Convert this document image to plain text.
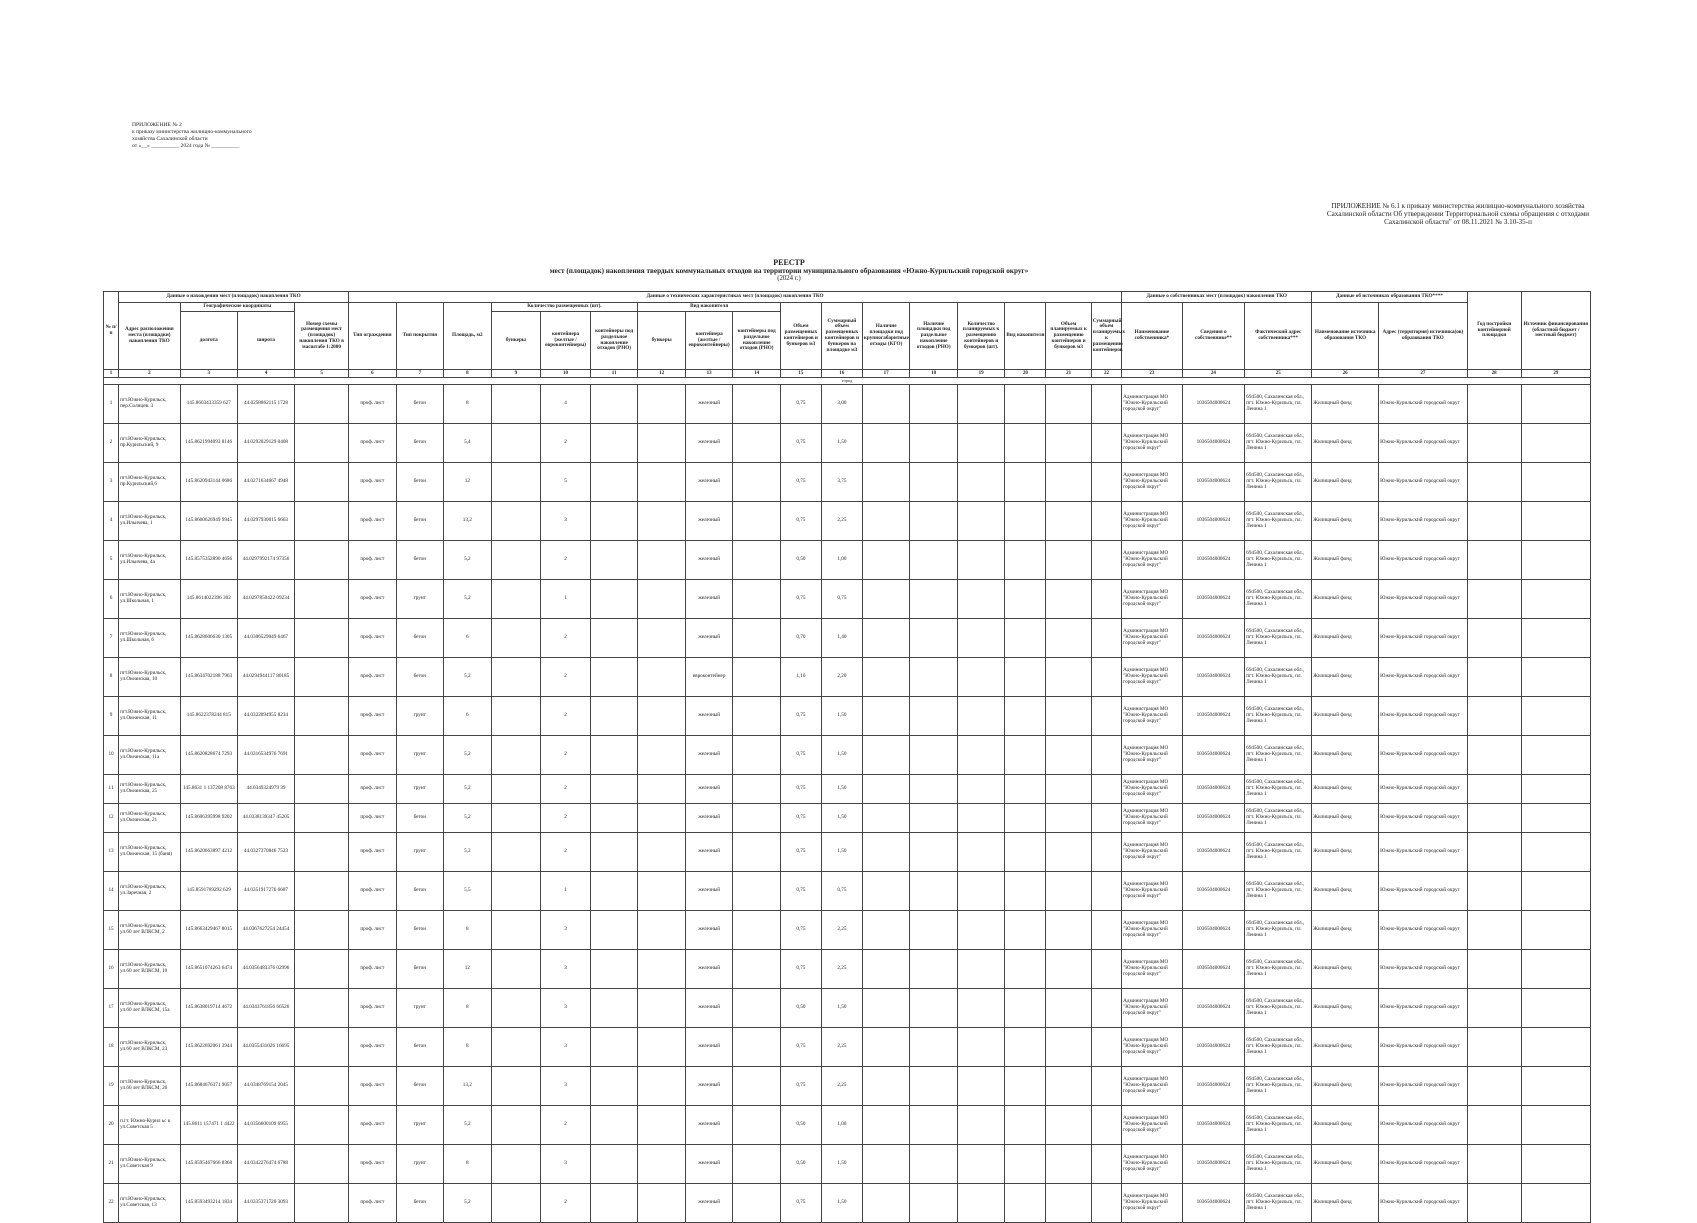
ПРИЛОЖЕНИЕ № 2
к приказу министерства жилищно-коммунального
хозяйства Сахалинской области
от «__» __________ 2024 года № __________
ПРИЛОЖЕНИЕ № 6.1 к приказу министерства жилищно-коммунального хозяйства Сахалинской области Об утверждении Территориальной схемы обращения с отходами Сахалинской области" от 08.11.2021 № 3.10-35-п
РЕЕСТР
мест (площадок) накопления твердых коммунальных отходов на территории муниципального образования «Южно-Курильский городской округ»
(2024 г.)
№ п/п	Данные о нахождении мест (площадок) накопления ТКО				Данные о технических характеристиках мест (площадок) накопления ТКО																	Данные о собственниках мест (площадок) накопления ТКО			Данные об источниках образования ТКО****		Год постройки контейнерной площадки	Источник финансирования (областной бюджет / местный бюджет)
	Адрес расположения места (площадки) накопления ТКО	Географические координаты		Номер схемы размещения мест (площадок) накопления ТКО в масштабе 1:2000	Тип ограждения	Тип покрытия	Площадь, м2	Количество размещенных (шт).			Вид накопителя			Объем размещенных контейнеров и бункеров м3	Суммарный объем размещенных контейнеров и бункеров на площадке м3	Наличие площадки под крупногабаритные отходы (КГО)	Наличие площадки под раздельное накопление отходов (РНО)	Количество планируемых к размещению контейнеров и бункеров (шт).	Вид накопителя	Объем планируемых к размещению контейнеров и бункеров м3	Суммарный объем планируемых к размещению контейнеров	Наименование собственника*	Сведения о собственнике**	Фактический адрес собственника***	Наименование источника образования ТКО	Адрес (территория) источника(ов) образования ТКО		
		долгота	широта					бункеры	контейнера (желтые / евроконтейнеры)	контейнеры под раздельное накопление отходов (РНО)	бункеры	контейнера (желтые / евроконтейнеры)	контейнеры под раздельное накопление отходов (РНО)															
1	2	3	4	5	6	7	8	9	10	11	12	13	14	15	16	17	18	19	20	21	22	23	24	25	26	27	28	29
город																												
1	пгт.Южно-Курильск, пер.Солнцев. 3	145.8603433359 627	44.0258862115 1728		проф. лист	бетон	8		4			железный		0,75	3,00							Администрация МО "Южно-Курильский городской округ"	1036504000624	694500, Сахалинская обл., пгт. Южно-Курильск, пл. Ленина 1	Жилищный фонд	Южно-Курильский городской округ		
2	пгт.Южно-Курильск, пр.Курильский, 9	145.8621994093 8146	44.0292029129 0408		проф. лист	бетон	5,4		2			железный		0,75	1,50							Администрация МО "Южно-Курильский городской округ"	1036504000624	694500, Сахалинская обл., пгт. Южно-Курильск, пл. Ленина 1	Жилищный фонд	Южно-Курильский городской округ		
3	пгт.Южно-Курильск, пр.Курильский,6	145.8620943144 0686	44.0271634667 4948		проф. лист	бетон	12		5			железный		0,75	3,75							Администрация МО "Южно-Курильский городской округ"	1036504000624	694500, Сахалинская обл., пгт. Южно-Курильск, пл. Ленина 1	Жилищный фонд	Южно-Курильский городской округ		
4	пгт.Южно-Курильск, ул.Ильичева, 1	145.8600626949 9945	44.0297930015 6663		проф. лист	бетон	13,2		3			железный		0,75	2,25							Администрация МО "Южно-Курильский городской округ"	1036504000624	694500, Сахалинская обл., пгт. Южно-Курильск, пл. Ленина 1	Жилищный фонд	Южно-Курильский городской округ		
5	пгт.Южно-Курильск, ул.Ильичева, 4а	145.8575352890 4656	44.0297992174 97356		проф. лист	бетон	5,2		2			железный		0,50	1,00							Администрация МО "Южно-Курильский городской округ"	1036504000624	694500, Сахалинская обл., пгт. Южно-Курильск, пл. Ленина 1	Жилищный фонд	Южно-Курильский городской округ		
6	пгт.Южно-Курильск, ул.Школьная, 1	145.8614022396 302	44.0297850422 09234		проф. лист	грунт	5,2		1			железный		0,75	0,75							Администрация МО "Южно-Курильский городской округ"	1036504000624	694500, Сахалинская обл., пгт. Южно-Курильск, пл. Ленина 1	Жилищный фонд	Южно-Курильский городской округ		
7	пгт.Южно-Курильск, ул.Школьная, 6	145.8628606630 1305	44.0306529049 6467		проф. лист	бетон	6		2			железный		0,70	1,40							Администрация МО "Южно-Курильский городской округ"	1036504000624	694500, Сахалинская обл., пгт. Южно-Курильск, пл. Ленина 1	Жилищный фонд	Южно-Курильский городской округ		
8	пгт.Южно-Курильск, ул.Океанская, 10	145.8634702188 7963	44.0294944117 80185		проф. лист	бетон	5,2		2			евроконтейнер		1,10	2,20							Администрация МО "Южно-Курильский городской округ"	1036504000624	694500, Сахалинская обл., пгт. Южно-Курильск, пл. Ленина 1	Жилищный фонд	Южно-Курильский городской округ		
9	пгт.Южно-Курильск, ул.Океанская, 11	145.8622378244 815	44.0322094955 8234		проф. лист	грунт	6		2			железный		0,75	1,50							Администрация МО "Южно-Курильский городской округ"	1036504000624	694500, Сахалинская обл., пгт. Южно-Курильск, пл. Ленина 1	Жилищный фонд	Южно-Курильский городской округ		
10	пгт.Южно-Курильск, ул.Океанская, 11а	145.8620828674 7293	44.0316534976 7691		проф. лист	грунт	5,2		2			железный		0,75	1,50							Администрация МО "Южно-Курильский городской округ"	1036504000624	694500, Сахалинская обл., пгт. Южно-Курильск, пл. Ленина 1	Жилищный фонд	Южно-Курильский городской округ		
11	пгт.Южно-Курильск, ул.Океанская, 25	145.8631 1 137208 8763	44.0349324979 39		проф. лист	грунт	5,2		2			железный		0,75	1,50							Администрация МО "Южно-Курильский городской округ"	1036504000624	694500, Сахалинская обл., пгт. Южно-Курильск, пл. Ленина 1	Жилищный фонд	Южно-Курильский городской округ		
12	пгт.Южно-Курильск, ул.Океанская, 21	145.8606395998 9202	44.0338139347 45205		проф. лист	бетон	5,2		2			железный		0,75	1,50							Администрация МО "Южно-Курильский городской округ"	1036504000624	694500, Сахалинская обл., пгт. Южно-Курильск, пл. Ленина 1	Жилищный фонд	Южно-Курильский городской округ		
13	пгт.Южно-Курильск, ул.Океанская, 15 (баня)	145.8620663897 4212	44.0327370846 7523		проф. лист	грунт	5,2		2			железный		0,75	1,50							Администрация МО "Южно-Курильский городской округ"	1036504000624	694500, Сахалинская обл., пгт. Южно-Курильск, пл. Ленина 1	Жилищный фонд	Южно-Курильский городской округ		
14	пгт.Южно-Курильск, ул.Заречная, 2	145.8591769292 629	44.0351917276 6687		проф. лист	бетон	5,5		1			железный		0,75	0,75							Администрация МО "Южно-Курильский городской округ"	1036504000624	694500, Сахалинская обл., пгт. Южно-Курильск, пл. Ленина 1	Жилищный фонд	Южно-Курильский городской округ		
15	пгт.Южно-Курильск, ул.60 лет ВЛКСМ, 2	145.8663429467 8015	44.0367627254 24454		проф. лист	бетон	8		3			железный		0,75	2,25							Администрация МО "Южно-Курильский городской округ"	1036504000624	694500, Сахалинская обл., пгт. Южно-Курильск, пл. Ленина 1	Жилищный фонд	Южно-Курильский городской округ		
16	пгт.Южно-Курильск, ул.60 лет ВЛКСМ, 10	145.8651074263 6474	44.0356483376 02996		проф. лист	бетон	12		3			железный		0,75	2,25							Администрация МО "Южно-Курильский городской округ"	1036504000624	694500, Сахалинская обл., пгт. Южно-Курильск, пл. Ленина 1	Жилищный фонд	Южно-Курильский городской округ		
17	пгт.Южно-Курильск, ул.60 лет ВЛКСМ, 15а	145.8638019714 4672	44.0343761856 66526		проф. лист	грунт	8		3			железный		0,50	1,50							Администрация МО "Южно-Курильский городской округ"	1036504000624	694500, Сахалинская обл., пгт. Южно-Курильск, пл. Ленина 1	Жилищный фонд	Южно-Курильский городской округ		
18	пгт.Южно-Курильск, ул.60 лет ВЛКСМ, 23	145.8622692061 3944	44.0355431026 16695		проф. лист	бетон	8		3			железный		0,75	2,25							Администрация МО "Южно-Курильский городской округ"	1036504000624	694500, Сахалинская обл., пгт. Южно-Курильск, пл. Ленина 1	Жилищный фонд	Южно-Курильский городской округ		
19	пгт.Южно-Курильск, ул.60 лет ВЛКСМ, 26	145.8684676371 9057	44.0348769154 2045		проф. лист	бетон	13,2		3			железный		0,75	2,25							Администрация МО "Южно-Курильский городской округ"	1036504000624	694500, Сахалинская обл., пгт. Южно-Курильск, пл. Ленина 1	Жилищный фонд	Южно-Курильский городской округ		
20	п.гт. Южно-Курил ьс к ул.Советская 5	145.8611 157471 1 4422	44.0356600109 6955		проф. лист	грунт	5,2		2			железный		0,50	1,00							Администрация МО "Южно-Курильский городской округ"	1036504000624	694500, Сахалинская обл., пгт. Южно-Курильск, пл. Ленина 1	Жилищный фонд	Южно-Курильский городской округ		
21	пгт.Южно-Курильск, ул.Советская 9	145.8595467666 8368	44.0342276474 6788		проф. лист	грунт	8		3			железный		0,50	1,50							Администрация МО "Южно-Курильский городской округ"	1036504000624	694500, Сахалинская обл., пгт. Южно-Курильск, пл. Ленина 1	Жилищный фонд	Южно-Курильский городской округ		
22	пгт.Южно-Курильск, ул.Советская, 13	145.8593493214 1834	44.0335371720 3093		проф. лист	бетон	5,2		2			железный		0,75	1,50							Администрация МО "Южно-Курильский городской округ"	1036504000624	694500, Сахалинская обл., пгт. Южно-Курильск, пл. Ленина 1	Жилищный фонд	Южно-Курильский городской округ		
